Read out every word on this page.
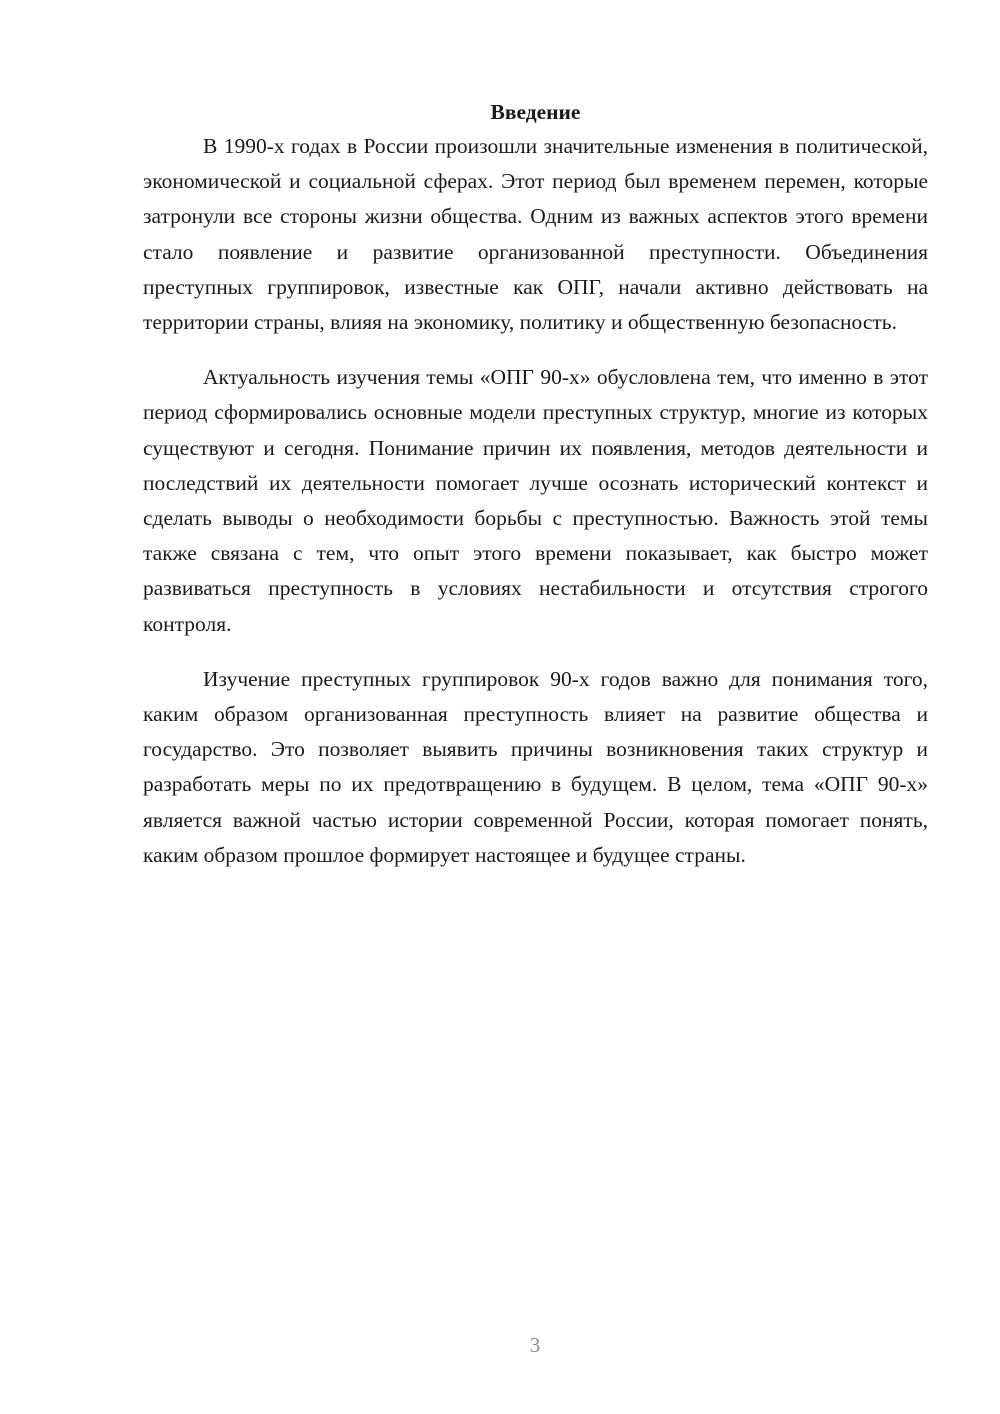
Введение

В 1990-х годах в России произошли значительные изменения в политической, экономической и социальной сферах. Этот период был временем перемен, которые затронули все стороны жизни общества. Одним из важных аспектов этого времени стало появление и развитие организованной преступности. Объединения преступных группировок, известные как ОПГ, начали активно действовать на территории страны, влияя на экономику, политику и общественную безопасность.

Актуальность изучения темы «ОПГ 90-х» обусловлена тем, что именно в этот период сформировались основные модели преступных структур, многие из которых существуют и сегодня. Понимание причин их появления, методов деятельности и последствий их деятельности помогает лучше осознать исторический контекст и сделать выводы о необходимости борьбы с преступностью. Важность этой темы также связана с тем, что опыт этого времени показывает, как быстро может развиваться преступность в условиях нестабильности и отсутствия строгого контроля.

Изучение преступных группировок 90-х годов важно для понимания того, каким образом организованная преступность влияет на развитие общества и государство. Это позволяет выявить причины возникновения таких структур и разработать меры по их предотвращению в будущем. В целом, тема «ОПГ 90-х» является важной частью истории современной России, которая помогает понять, каким образом прошлое формирует настоящее и будущее страны.

3
